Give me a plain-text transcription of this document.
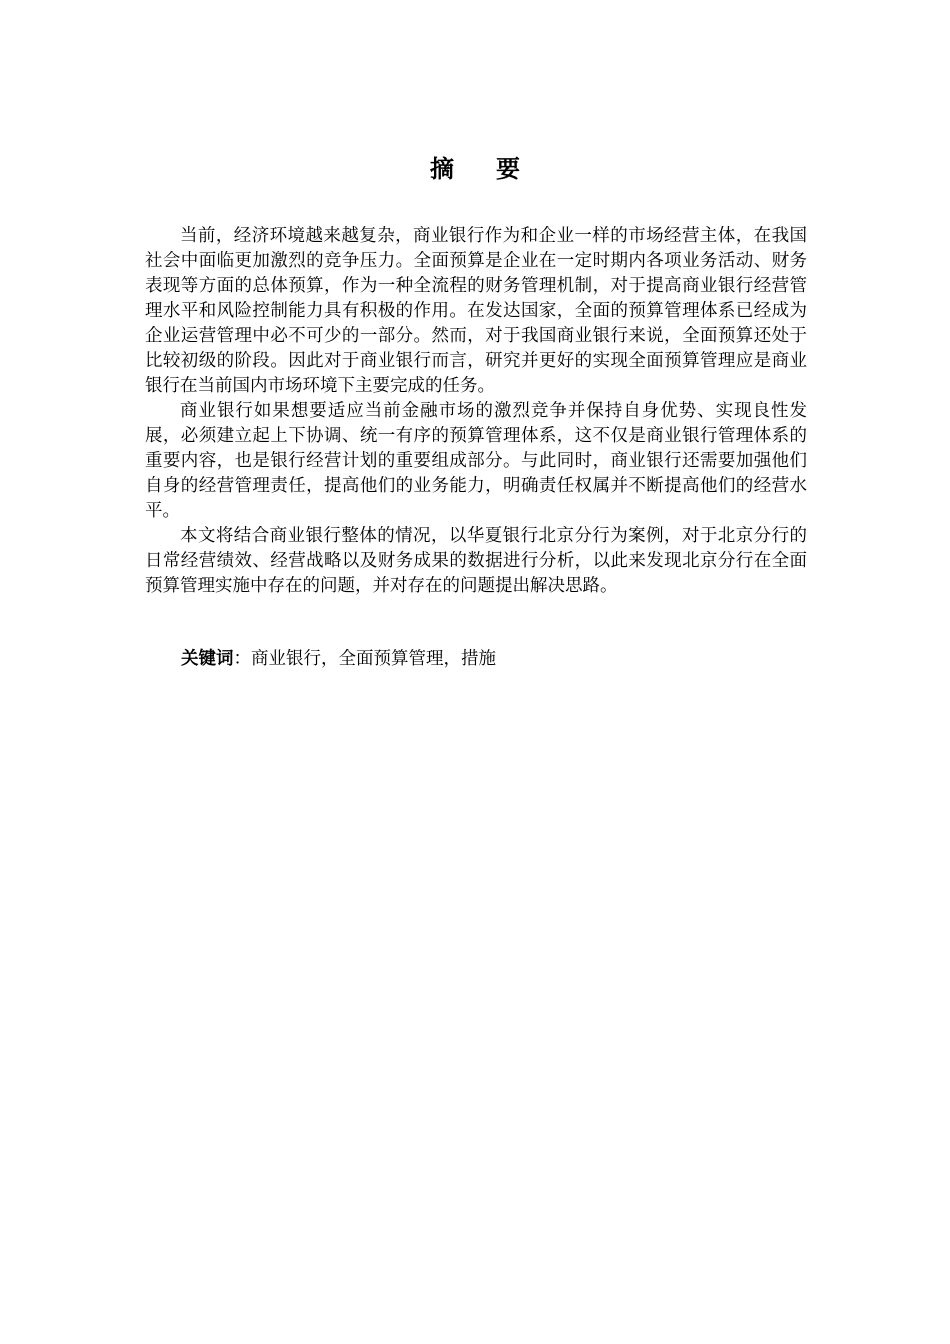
摘要

当前，经济环境越来越复杂，商业银行作为和企业一样的市场经营主体，在我国社会中面临更加激烈的竞争压力。全面预算是企业在一定时期内各项业务活动、财务表现等方面的总体预算，作为一种全流程的财务管理机制，对于提高商业银行经营管理水平和风险控制能力具有积极的作用。在发达国家，全面的预算管理体系已经成为企业运营管理中必不可少的一部分。然而，对于我国商业银行来说，全面预算还处于比较初级的阶段。因此对于商业银行而言，研究并更好的实现全面预算管理应是商业银行在当前国内市场环境下主要完成的任务。

商业银行如果想要适应当前金融市场的激烈竞争并保持自身优势、实现良性发展，必须建立起上下协调、统一有序的预算管理体系，这不仅是商业银行管理体系的重要内容，也是银行经营计划的重要组成部分。与此同时，商业银行还需要加强他们自身的经营管理责任，提高他们的业务能力，明确责任权属并不断提高他们的经营水平。

本文将结合商业银行整体的情况，以华夏银行北京分行为案例，对于北京分行的日常经营绩效、经营战略以及财务成果的数据进行分析，以此来发现北京分行在全面预算管理实施中存在的问题，并对存在的问题提出解决思路。

关键词：商业银行，全面预算管理，措施
